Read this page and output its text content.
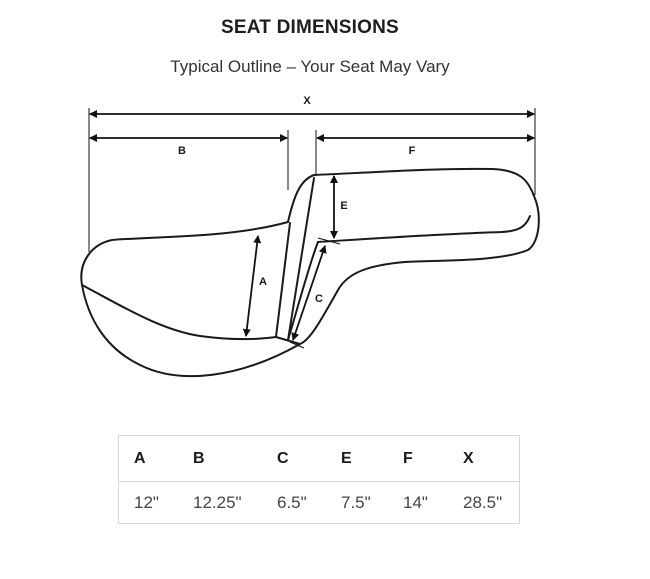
SEAT DIMENSIONS
Typical Outline – Your Seat May Vary
X
B	F
E
A
C
A	B	C	E	F	X
12" 12.25" 6.5" 7.5" 14" 28.5"
